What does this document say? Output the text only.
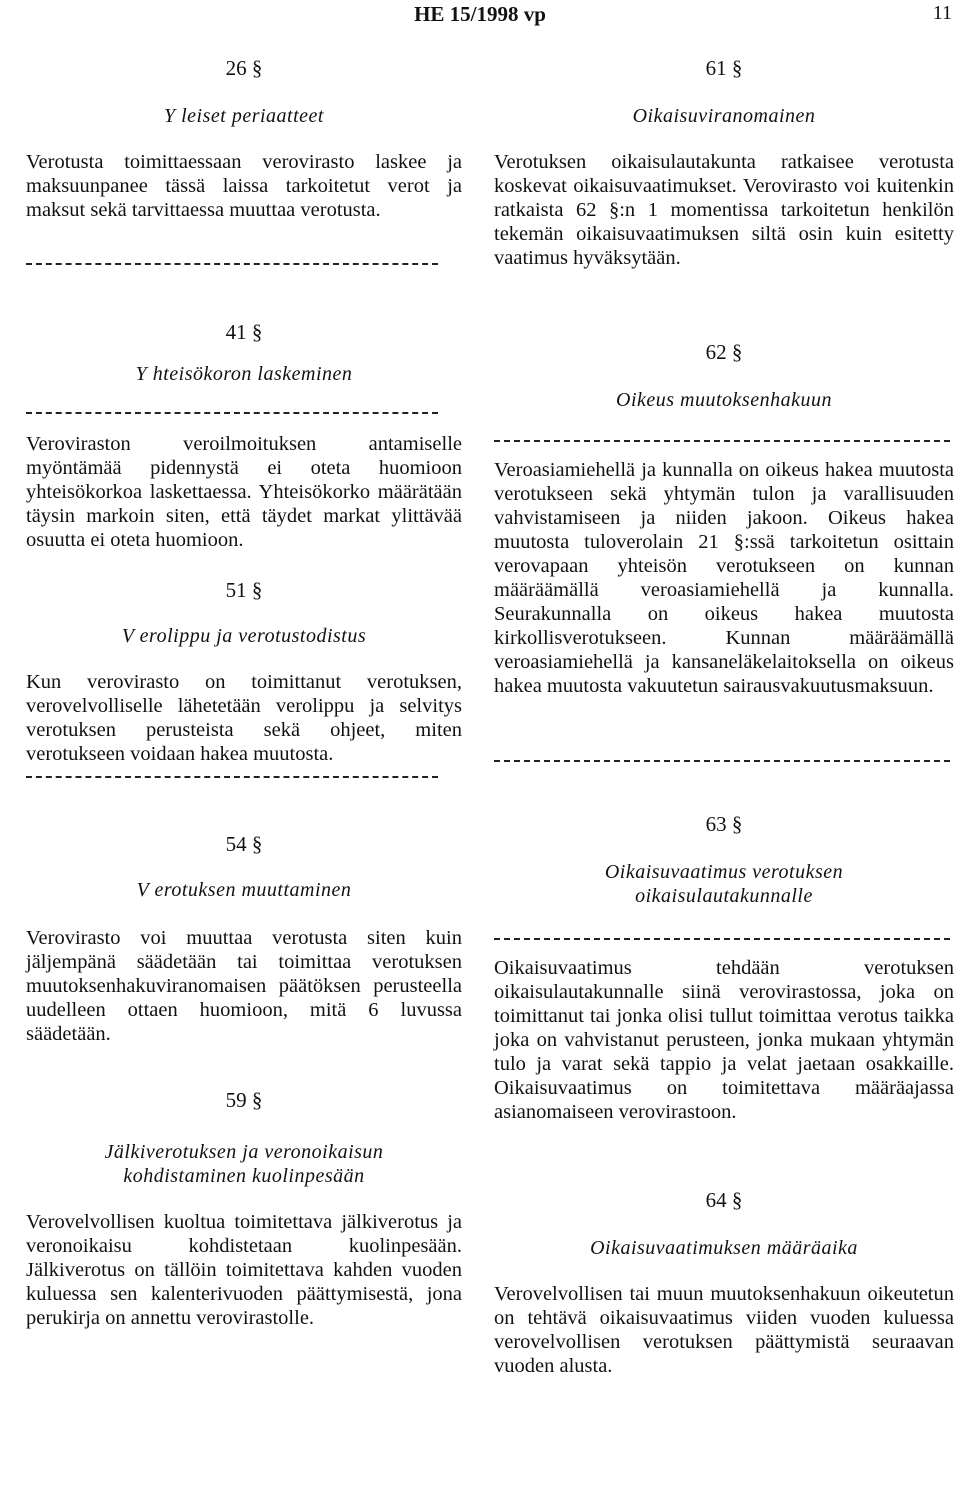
HE 15/1998 vp	11
26 §
Y leiset periaatteet

Verotusta toimittaessaan verovirasto laskee ja maksuunpanee tässä laissa tarkoitetut verot ja maksut sekä tarvittaessa muuttaa verotusta.

41 §
Y hteisökoron laskeminen

Veroviraston veroilmoituksen antamiselle myöntämää pidennystä ei oteta huomioon yhteisökorkoa laskettaessa. Yhteisökorko määrätään täysin markoin siten, että täydet markat ylittävää osuutta ei oteta huomioon.

51 §
V erolippu ja verotustodistus

Kun verovirasto on toimittanut verotuksen, verovelvolliselle lähetetään verolippu ja selvitys verotuksen perusteista sekä ohjeet, miten verotukseen voidaan hakea muutosta.

54 §
V erotuksen muuttaminen

Verovirasto voi muuttaa verotusta siten kuin jäljempänä säädetään tai toimittaa verotuksen muutoksenhakuviranomaisen päätöksen perusteella uudelleen ottaen huomioon, mitä 6 luvussa säädetään.

59 §
Jälkiverotuksen ja veronoikaisun
kohdistaminen kuolinpesään

Verovelvollisen kuoltua toimitettava jälkiverotus ja veronoikaisu kohdistetaan kuolinpesään. Jälkiverotus on tällöin toimitettava kahden vuoden kuluessa sen kalenterivuoden päättymisestä, jona perukirja on annettu verovirastolle.

61 §
Oikaisuviranomainen

Verotuksen oikaisulautakunta ratkaisee verotusta koskevat oikaisuvaatimukset. Verovirasto voi kuitenkin ratkaista 62 §:n 1 momentissa tarkoitetun henkilön tekemän oikaisuvaatimuksen siltä osin kuin esitetty vaatimus hyväksytään.

62 §
Oikeus muutoksenhakuun

Veroasiamiehellä ja kunnalla on oikeus hakea muutosta verotukseen sekä yhtymän tulon ja varallisuuden vahvistamiseen ja niiden jakoon. Oikeus hakea muutosta tuloverolain 21 §:ssä tarkoitetun osittain verovapaan yhteisön verotukseen on kunnan määräämällä veroasiamiehellä ja kunnalla. Seurakunnalla on oikeus hakea muutosta kirkollisverotukseen. Kunnan määräämällä veroasiamiehellä ja kansaneläkelaitoksella on oikeus hakea muutosta vakuutetun sairausvakuutusmaksuun.

63 §
Oikaisuvaatimus verotuksen
oikaisulautakunnalle

Oikaisuvaatimus tehdään verotuksen oikaisulautakunnalle siinä verovirastossa, joka on toimittanut tai jonka olisi tullut toimittaa verotus taikka joka on vahvistanut perusteen, jonka mukaan yhtymän tulo ja varat sekä tappio ja velat jaetaan osakkaille. Oikaisuvaatimus on toimitettava määräajassa asianomaiseen verovirastoon.

64 §
Oikaisuvaatimuksen määräaika

Verovelvollisen tai muun muutoksenhakuun oikeutetun on tehtävä oikaisuvaatimus viiden vuoden kuluessa verovelvollisen verotuksen päättymistä seuraavan vuoden alusta.
